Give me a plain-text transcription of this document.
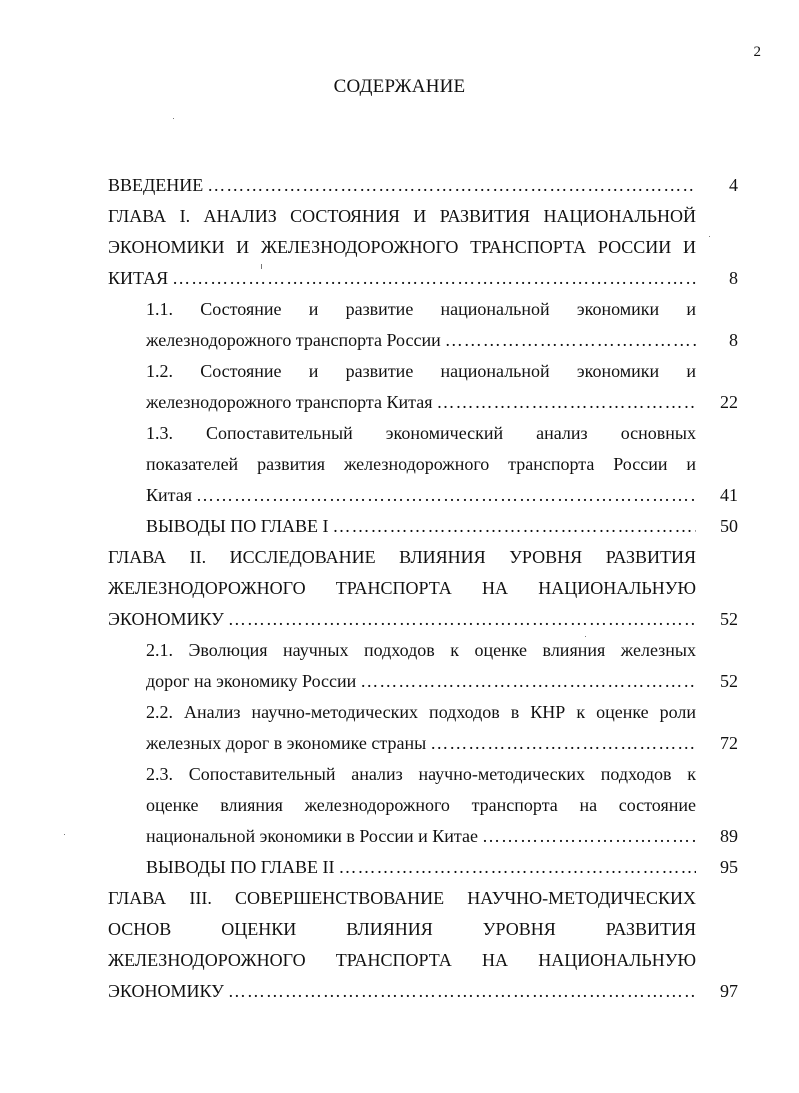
2
СОДЕРЖАНИЕ
ВВЕДЕНИЕ ………………………………………………………………………………………………………………………	4
ГЛАВА I. АНАЛИЗ СОСТОЯНИЯ И РАЗВИТИЯ НАЦИОНАЛЬНОЙ
ЭКОНОМИКИ И ЖЕЛЕЗНОДОРОЖНОГО ТРАНСПОРТА РОССИИ И
КИТАЯ ………………………………………………………………………………………………………………………	8
1.1. Состояние и развитие национальной экономики и
железнодорожного транспорта России ………………………………………………………………………………………………………………………	8
1.2. Состояние и развитие национальной экономики и
железнодорожного транспорта Китая ………………………………………………………………………………………………………………………	22
1.3. Сопоставительный экономический анализ основных
показателей развития железнодорожного транспорта России и
Китая ………………………………………………………………………………………………………………………	41
ВЫВОДЫ ПО ГЛАВЕ I ………………………………………………………………………………………………………………………	50
ГЛАВА II. ИССЛЕДОВАНИЕ ВЛИЯНИЯ УРОВНЯ РАЗВИТИЯ
ЖЕЛЕЗНОДОРОЖНОГО ТРАНСПОРТА НА НАЦИОНАЛЬНУЮ
ЭКОНОМИКУ ………………………………………………………………………………………………………………………	52
2.1. Эволюция научных подходов к оценке влияния железных
дорог на экономику России ………………………………………………………………………………………………………………………	52
2.2. Анализ научно-методических подходов в КНР к оценке роли
железных дорог в экономике страны ………………………………………………………………………………………………………………………	72
2.3. Сопоставительный анализ научно-методических подходов к
оценке влияния железнодорожного транспорта на состояние
национальной экономики в России и Китае ………………………………………………………………………………………………………………………	89
ВЫВОДЫ ПО ГЛАВЕ II ………………………………………………………………………………………………………………………	95
ГЛАВА III. СОВЕРШЕНСТВОВАНИЕ НАУЧНО-МЕТОДИЧЕСКИХ
ОСНОВ ОЦЕНКИ ВЛИЯНИЯ УРОВНЯ РАЗВИТИЯ
ЖЕЛЕЗНОДОРОЖНОГО ТРАНСПОРТА НА НАЦИОНАЛЬНУЮ
ЭКОНОМИКУ ………………………………………………………………………………………………………………………	97
